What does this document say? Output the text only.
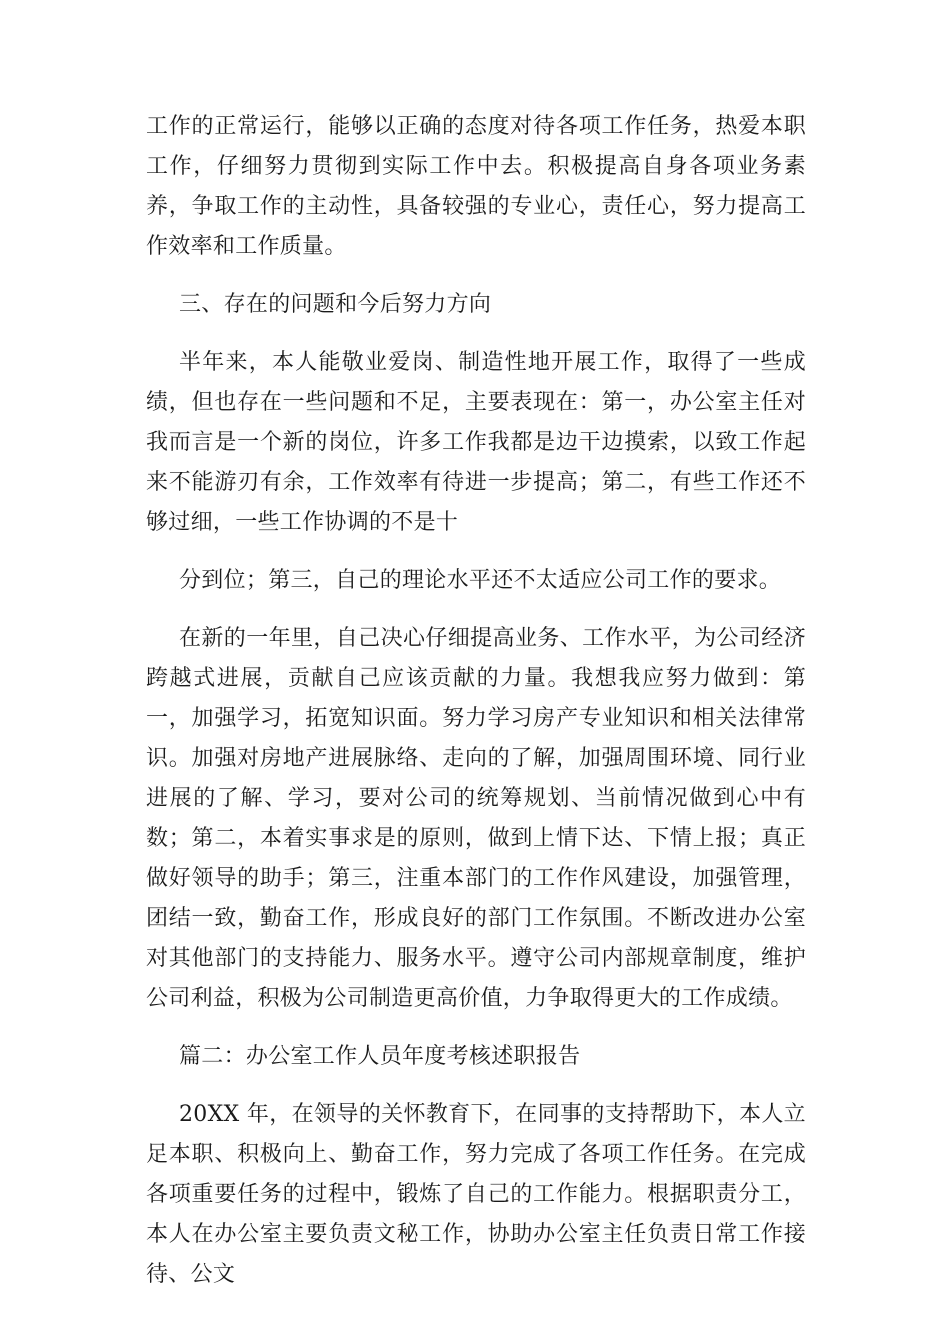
工作的正常运行，能够以正确的态度对待各项工作任务，热爱本职工作，仔细努力贯彻到实际工作中去。积极提高自身各项业务素养，争取工作的主动性，具备较强的专业心，责任心，努力提高工作效率和工作质量。

三、存在的问题和今后努力方向

半年来，本人能敬业爱岗、制造性地开展工作，取得了一些成绩，但也存在一些问题和不足，主要表现在：第一，办公室主任对我而言是一个新的岗位，许多工作我都是边干边摸索，以致工作起来不能游刃有余，工作效率有待进一步提高；第二，有些工作还不够过细，一些工作协调的不是十

分到位；第三，自己的理论水平还不太适应公司工作的要求。

在新的一年里，自己决心仔细提高业务、工作水平，为公司经济跨越式进展，贡献自己应该贡献的力量。我想我应努力做到：第一，加强学习，拓宽知识面。努力学习房产专业知识和相关法律常识。加强对房地产进展脉络、走向的了解，加强周围环境、同行业进展的了解、学习，要对公司的统筹规划、当前情况做到心中有数；第二，本着实事求是的原则，做到上情下达、下情上报；真正做好领导的助手；第三，注重本部门的工作作风建设，加强管理，团结一致，勤奋工作，形成良好的部门工作氛围。不断改进办公室对其他部门的支持能力、服务水平。遵守公司内部规章制度，维护公司利益，积极为公司制造更高价值，力争取得更大的工作成绩。

篇二：办公室工作人员年度考核述职报告

20XX 年，在领导的关怀教育下，在同事的支持帮助下，本人立足本职、积极向上、勤奋工作，努力完成了各项工作任务。在完成各项重要任务的过程中，锻炼了自己的工作能力。根据职责分工，本人在办公室主要负责文秘工作，协助办公室主任负责日常工作接待、公文
